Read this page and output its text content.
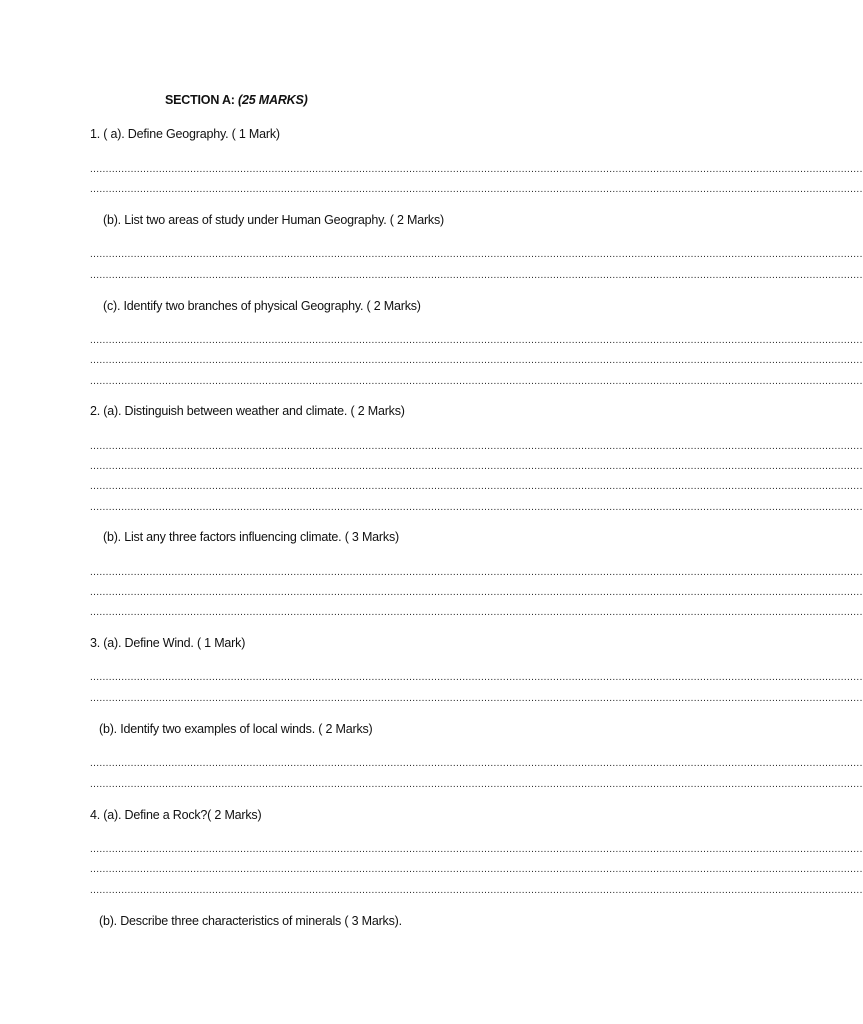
SECTION A: (25 MARKS)
1. ( a). Define Geography. ( 1 Mark)
.......................................................................................................................................................................................................................................................
.......................................................................................................................................................................................................................................................
(b). List two areas of study under Human Geography. ( 2 Marks)
.......................................................................................................................................................................................................................................................
.......................................................................................................................................................................................................................................................
(c). Identify two branches of physical Geography. ( 2 Marks)
.......................................................................................................................................................................................................................................................
.......................................................................................................................................................................................................................................................
.......................................................................................................................................................................................................................................................
2. (a). Distinguish between weather and climate. ( 2 Marks)
.......................................................................................................................................................................................................................................................
.......................................................................................................................................................................................................................................................
.......................................................................................................................................................................................................................................................
.......................................................................................................................................................................................................................................................
(b). List any three factors influencing climate. ( 3 Marks)
.......................................................................................................................................................................................................................................................
.......................................................................................................................................................................................................................................................
.......................................................................................................................................................................................................................................................
3. (a). Define Wind. ( 1 Mark)
.......................................................................................................................................................................................................................................................
.......................................................................................................................................................................................................................................................
(b). Identify two examples of local winds. ( 2 Marks)
.......................................................................................................................................................................................................................................................
.......................................................................................................................................................................................................................................................
4. (a). Define a Rock?( 2 Marks)
.......................................................................................................................................................................................................................................................
.......................................................................................................................................................................................................................................................
.......................................................................................................................................................................................................................................................
(b). Describe three characteristics of minerals ( 3 Marks).
